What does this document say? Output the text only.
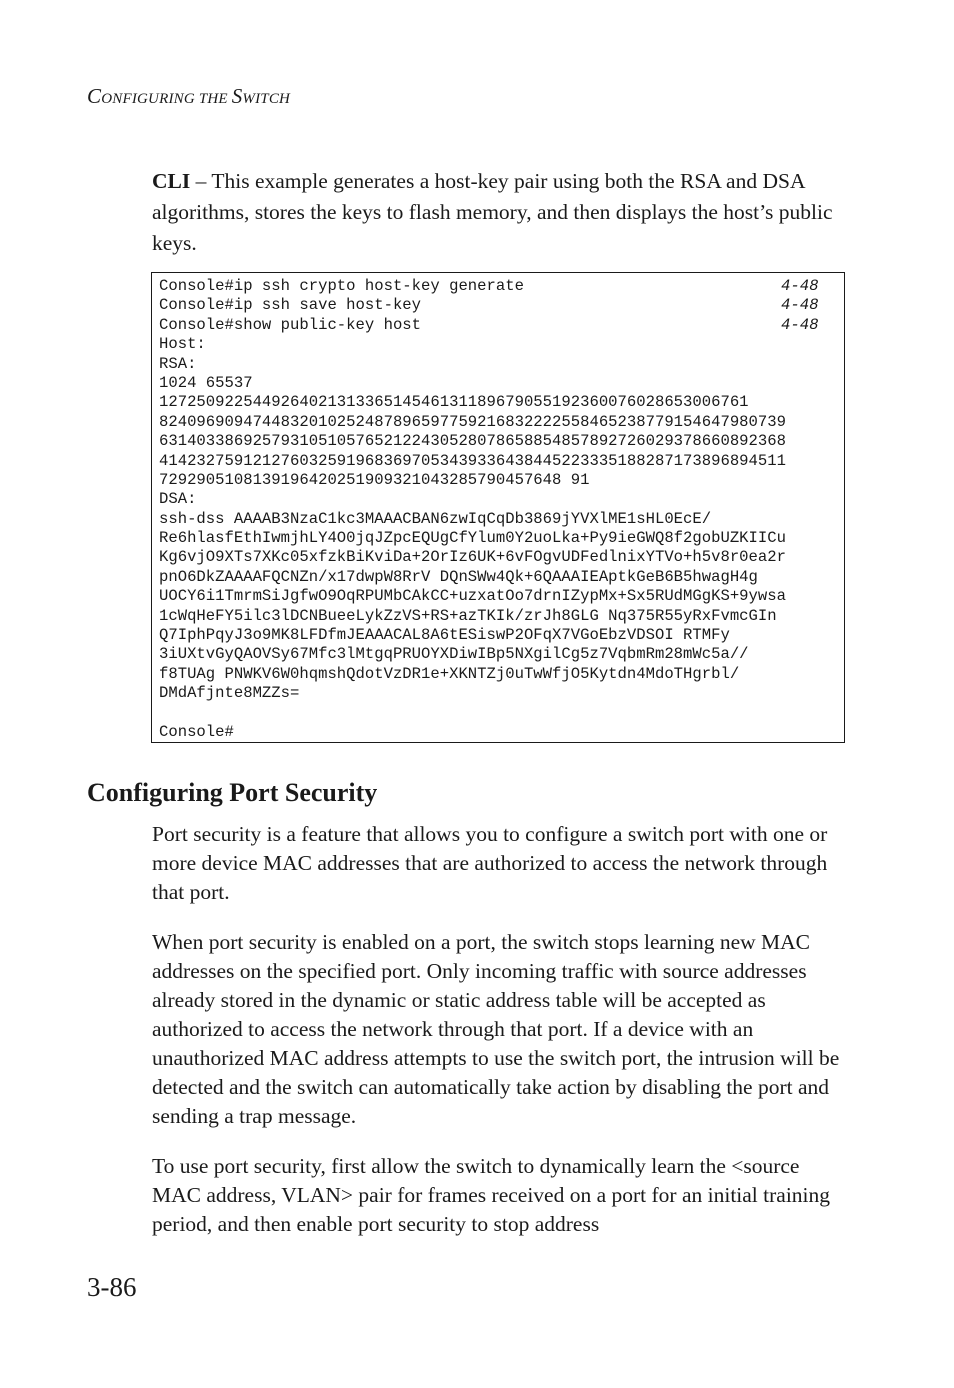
CONFIGURING THE SWITCH
CLI – This example generates a host-key pair using both the RSA and DSA algorithms, stores the keys to flash memory, and then displays the host’s public keys.
Console#ip ssh crypto host-key generate	4-48
Console#ip ssh save host-key	4-48
Console#show public-key host	4-48
Host:
RSA:
1024 65537
127250922544926402131336514546131189679055192360076028653006761
8240969094744832010252487896597759216832222558465238779154647980739
6314033869257931051057652122430528078658854857892726029378660892368
4142327591212760325919683697053439336438445223335188287173896894511
7292905108139196420251909321043285790457648 91
DSA:
ssh-dss AAAAB3NzaC1kc3MAAACBAN6zwIqCqDb3869jYVXlME1sHL0EcE/
Re6hlasfEthIwmjhLY4O0jqJZpcEQUgCfYlum0Y2uoLka+Py9ieGWQ8f2gobUZKIICu
Kg6vjO9XTs7XKc05xfzkBiKviDa+2OrIz6UK+6vFOgvUDFedlnixYTVo+h5v8r0ea2r
pnO6DkZAAAAFQCNZn/x17dwpW8RrV DQnSWw4Qk+6QAAAIEAptkGeB6B5hwagH4g
UOCY6i1TmrmSiJgfwO9OqRPUMbCAkCC+uzxatOo7drnIZypMx+Sx5RUdMGgKS+9ywsa
1cWqHeFY5ilc3lDCNBueeLykZzVS+RS+azTKIk/zrJh8GLG Nq375R55yRxFvmcGIn
Q7IphPqyJ3o9MK8LFDfmJEAAACAL8A6tESiswP2OFqX7VGoEbzVDSOI RTMFy
3iUXtvGyQAOVSy67Mfc3lMtgqPRUOYXDiwIBp5NXgilCg5z7VqbmRm28mWc5a//
f8TUAg PNWKV6W0hqmshQdotVzDR1e+XKNTZj0uTwWfjO5Kytdn4MdoTHgrbl/
DMdAfjnte8MZZs=
Console#
Configuring Port Security

Port security is a feature that allows you to configure a switch port with one or more device MAC addresses that are authorized to access the network through that port.

When port security is enabled on a port, the switch stops learning new MAC addresses on the specified port. Only incoming traffic with source addresses already stored in the dynamic or static address table will be accepted as authorized to access the network through that port. If a device with an unauthorized MAC address attempts to use the switch port, the intrusion will be detected and the switch can automatically take action by disabling the port and sending a trap message.

To use port security, first allow the switch to dynamically learn the <source MAC address, VLAN> pair for frames received on a port for an initial training period, and then enable port security to stop address

3-86
